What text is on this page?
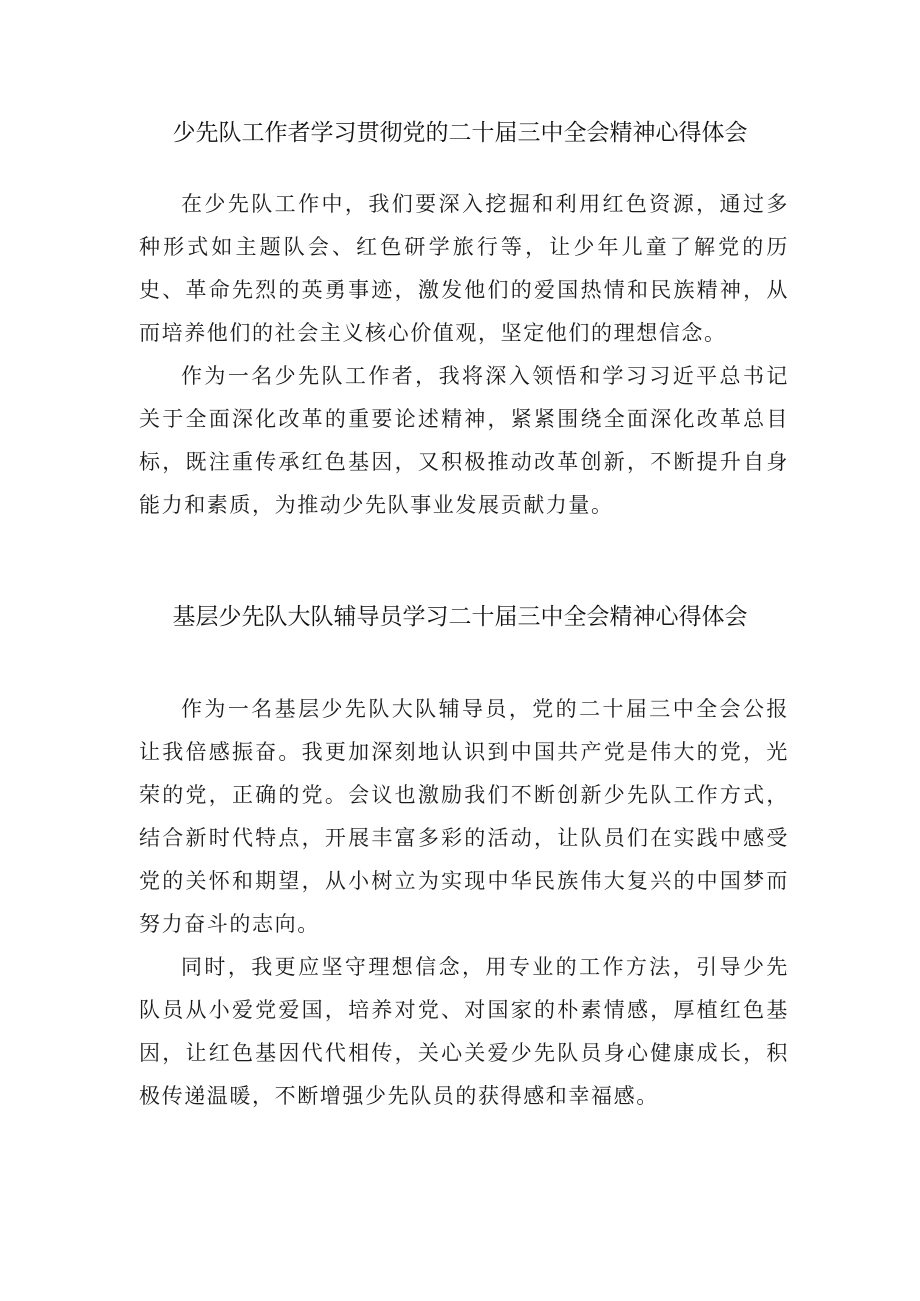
少先队工作者学习贯彻党的二十届三中全会精神心得体会

在少先队工作中，我们要深入挖掘和利用红色资源，通过多种形式如主题队会、红色研学旅行等，让少年儿童了解党的历史、革命先烈的英勇事迹，激发他们的爱国热情和民族精神，从而培养他们的社会主义核心价值观，坚定他们的理想信念。

作为一名少先队工作者，我将深入领悟和学习习近平总书记关于全面深化改革的重要论述精神，紧紧围绕全面深化改革总目标，既注重传承红色基因，又积极推动改革创新，不断提升自身能力和素质，为推动少先队事业发展贡献力量。

基层少先队大队辅导员学习二十届三中全会精神心得体会

作为一名基层少先队大队辅导员，党的二十届三中全会公报让我倍感振奋。我更加深刻地认识到中国共产党是伟大的党，光荣的党，正确的党。会议也激励我们不断创新少先队工作方式，结合新时代特点，开展丰富多彩的活动，让队员们在实践中感受党的关怀和期望，从小树立为实现中华民族伟大复兴的中国梦而努力奋斗的志向。

同时，我更应坚守理想信念，用专业的工作方法，引导少先队员从小爱党爱国，培养对党、对国家的朴素情感，厚植红色基因，让红色基因代代相传，关心关爱少先队员身心健康成长，积极传递温暖，不断增强少先队员的获得感和幸福感。
